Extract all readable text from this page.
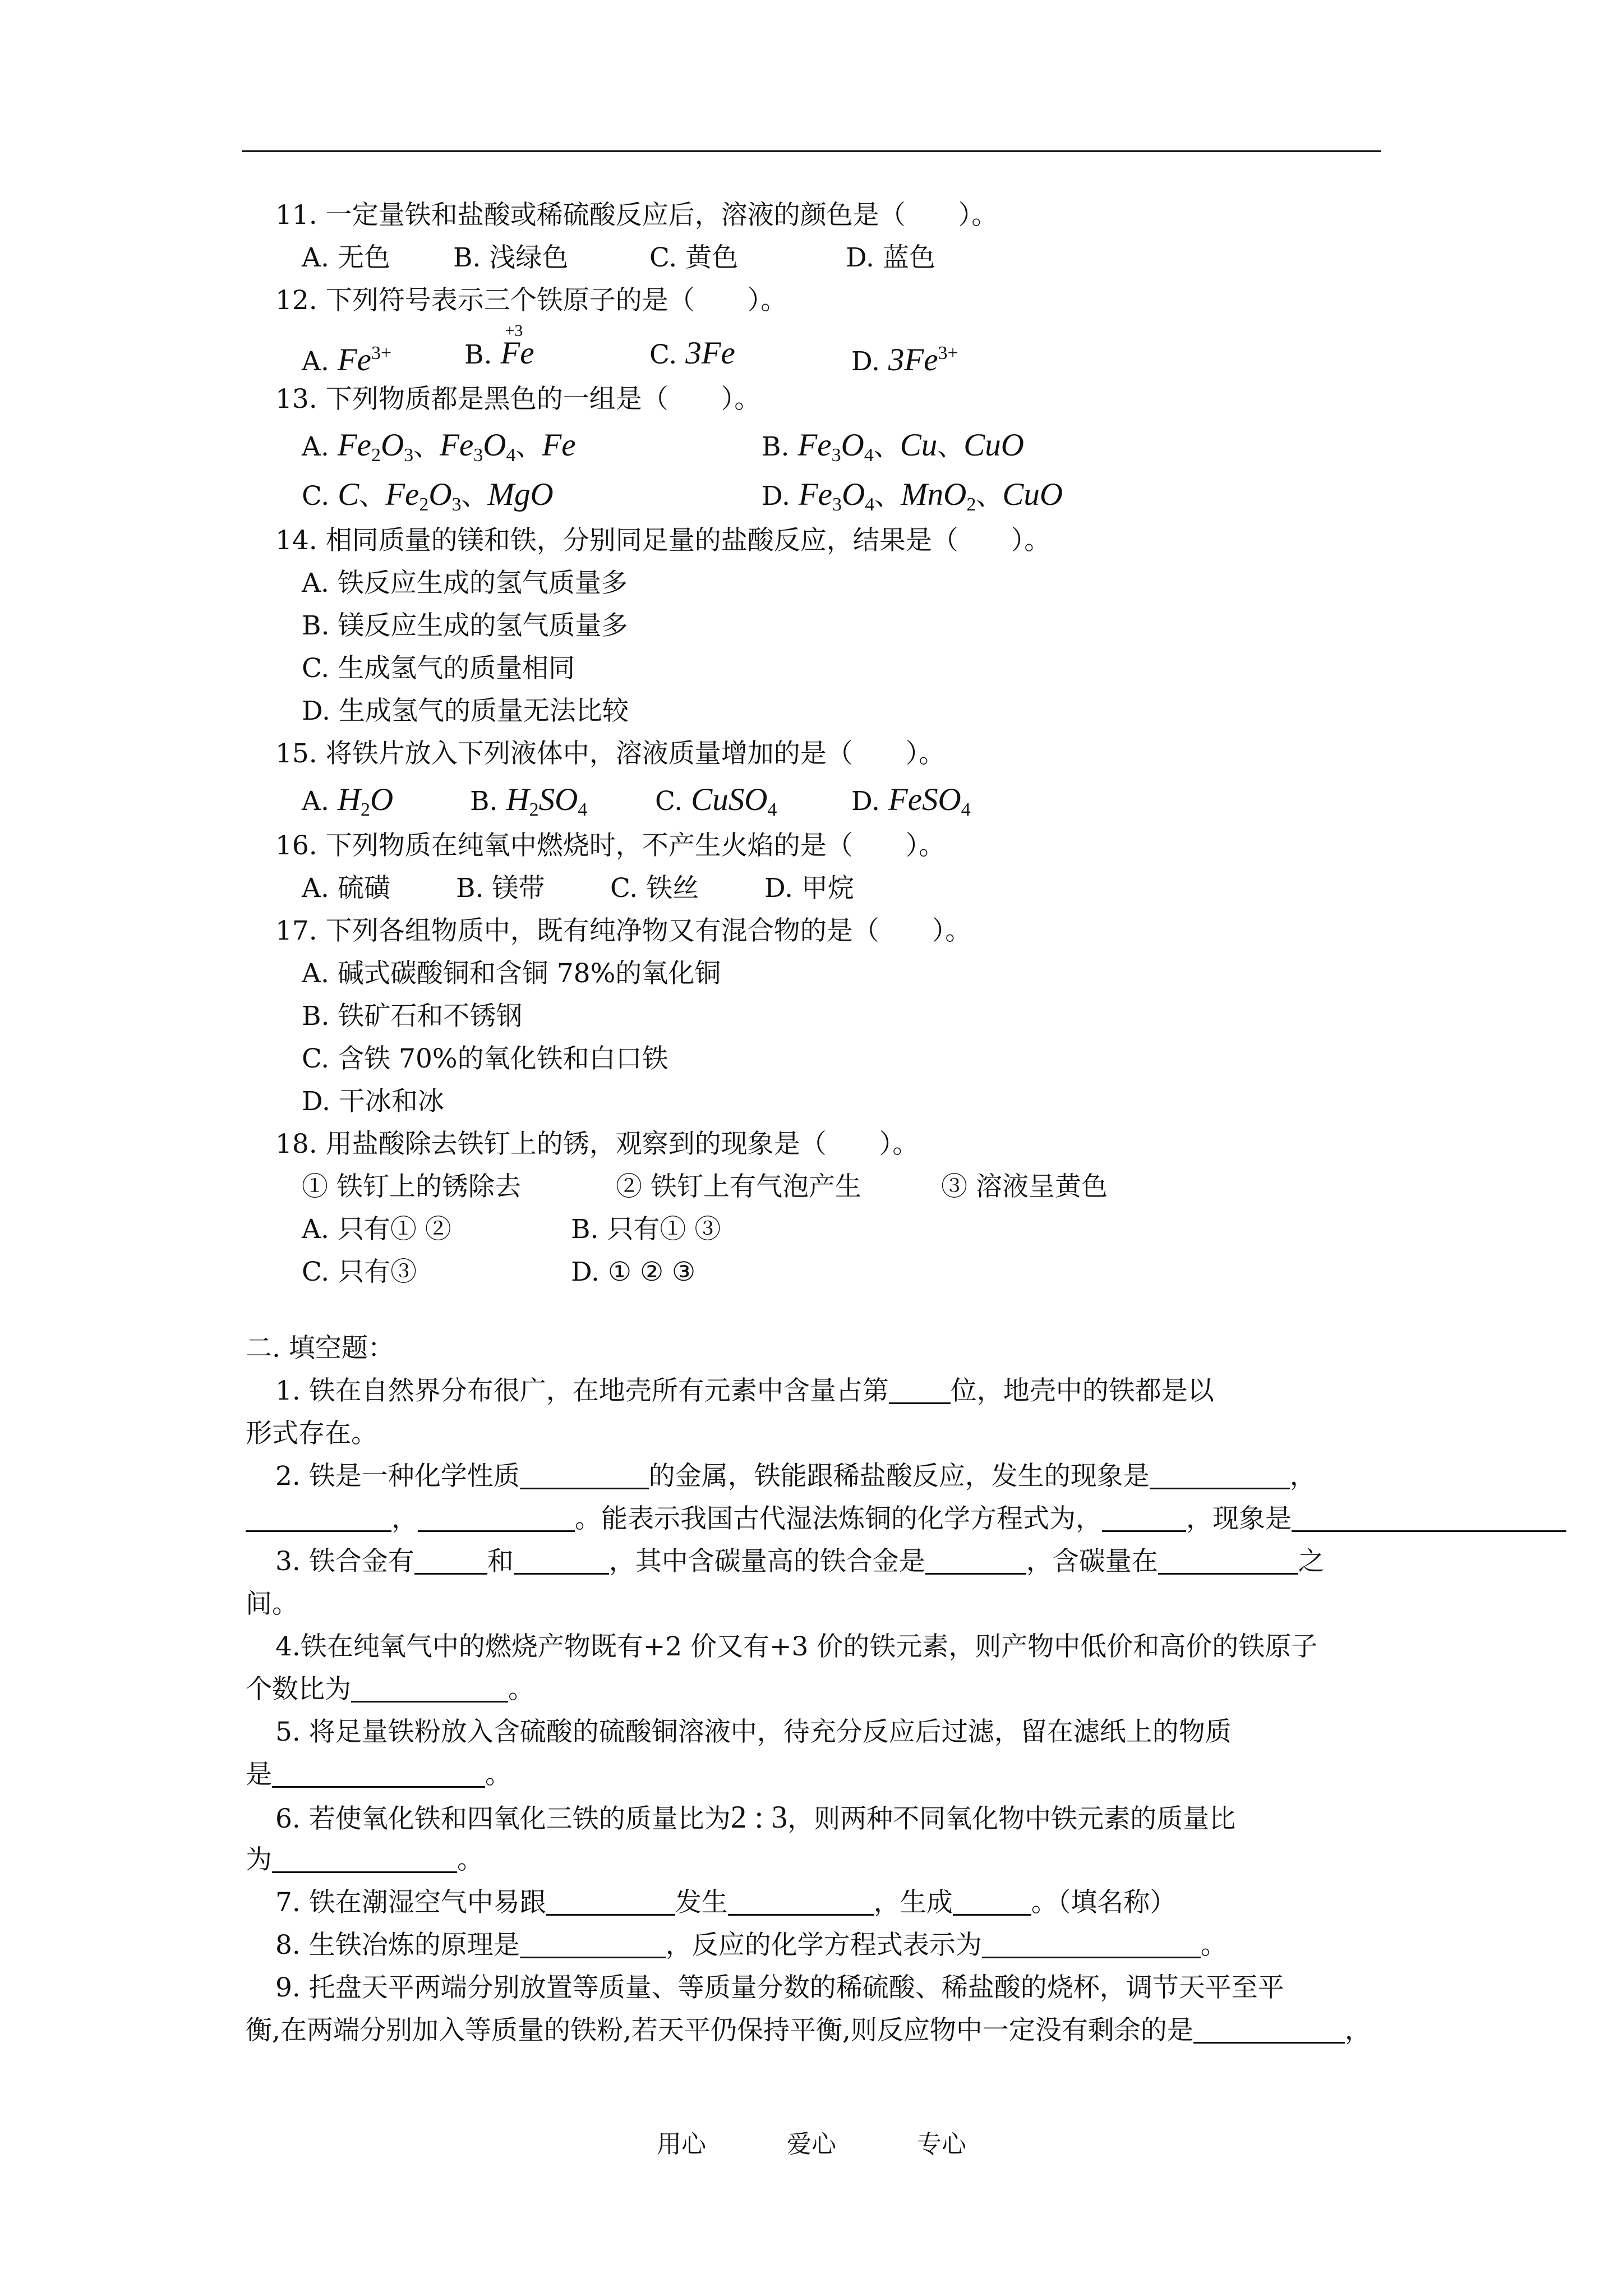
11. 一定量铁和盐酸或稀硫酸反应后，溶液的颜色是（　　）。
A. 无色 B. 浅绿色	C. 黄色	D. 蓝色
12. 下列符号表示三个铁原子的是（　　）。
A. $Fe^{3+}$	B.
+3
Fe	C. 3Fe	D. $3Fe^{3+}$
13. 下列物质都是黑色的一组是（　　）。
A. $Fe_2O_3$、$Fe_3O_4$、Fe	B. $Fe_3O_4$、Cu、CuO
C. C、$Fe_2O_3$、MgO	D. $Fe_3O_4$、MnO$_2$、CuO
14. 相同质量的镁和铁，分别同足量的盐酸反应，结果是（　　）。
A. 铁反应生成的氢气质量多
B. 镁反应生成的氢气质量多
C. 生成氢气的质量相同
D. 生成氢气的质量无法比较
15. 将铁片放入下列液体中，溶液质量增加的是（　　）。
A. $H_2O$	B. $H_2SO_4$	C. CuSO$_4$	D. FeSO$_4$
16. 下列物质在纯氧中燃烧时，不产生火焰的是（　　）。
A. 硫磺 B. 镁带 C. 铁丝 D. 甲烷
17. 下列各组物质中，既有纯净物又有混合物的是（　　）。
A. 碱式碳酸铜和含铜 78%的氧化铜
B. 铁矿石和不锈钢
C. 含铁 70%的氧化铁和白口铁
D. 干冰和冰
18. 用盐酸除去铁钉上的锈，观察到的现象是（　　）。
① 铁钉上的锈除去	② 铁钉上有气泡产生	③ 溶液呈黄色
A. 只有① ②	B. 只有① ③
C. 只有③	D. ① ② ③
二. 填空题：
1. 铁在自然界分布很广，在地壳所有元素中含量占第 位，地壳中的铁都是以
形式存在。
2. 铁是一种化学性质	的金属，铁能跟稀盐酸反应，发生的现象是	，
，	。能表示我国古代湿法炼铜的化学方程式为，	，现象是
3. 铁合金有	和	，其中含碳量高的铁合金是	，含碳量在	之
间。
4.铁在纯氧气中的燃烧产物既有+2 价又有+3 价的铁元素，则产物中低价和高价的铁原子
个数比为	。
5. 将足量铁粉放入含硫酸的硫酸铜溶液中，待充分反应后过滤，留在滤纸上的物质
是	。
6. 若使氧化铁和四氧化三铁的质量比为2 : 3，则两种不同氧化物中铁元素的质量比
为	。
7. 铁在潮湿空气中易跟	发生	，生成	。（填名称）
8. 生铁冶炼的原理是	，反应的化学方程式表示为	。
9. 托盘天平两端分别放置等质量、等质量分数的稀硫酸、稀盐酸的烧杯，调节天平至平
衡,在两端分别加入等质量的铁粉,若天平仍保持平衡,则反应物中一定没有剩余的是	，
用心	爱心	专心
